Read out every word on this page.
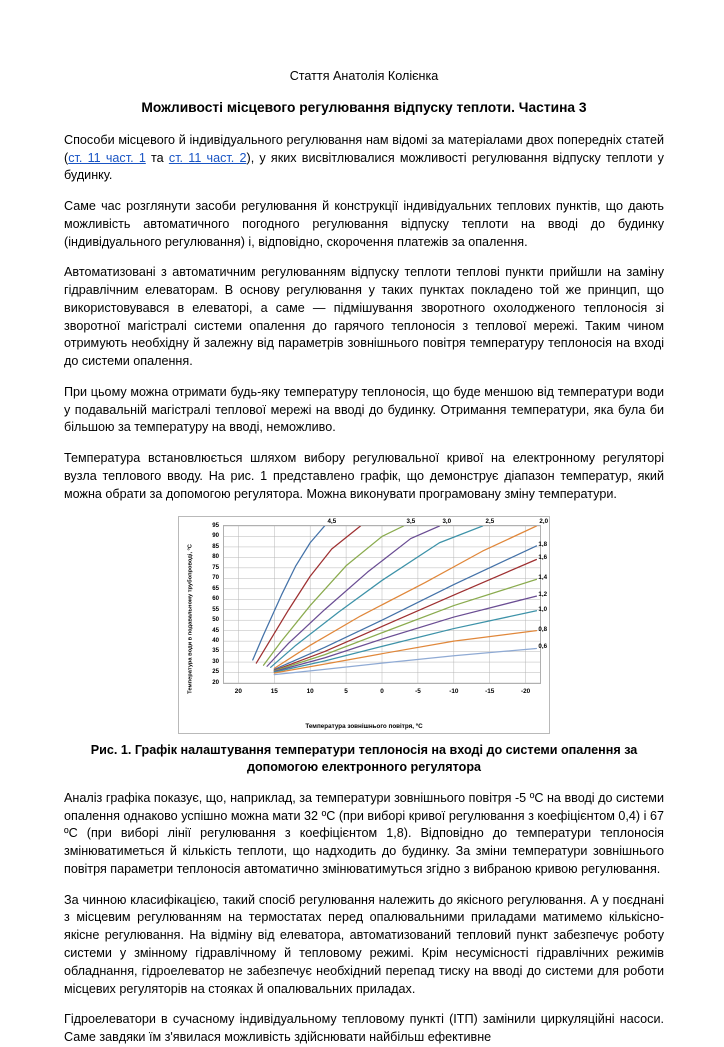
Стаття Анатолія Колієнка
Можливості місцевого регулювання відпуску теплоти. Частина 3

Способи місцевого й індивідуального регулювання нам відомі за матеріалами двох попередніх статей (ст. 11 част. 1 та ст. 11 част. 2), у яких висвітлювалися можливості регулювання відпуску теплоти у будинку.

Саме час розглянути засоби регулювання й конструкції індивідуальних теплових пунктів, що дають можливість автоматичного погодного регулювання відпуску теплоти на вводі до будинку (індивідуального регулювання) і, відповідно, скорочення платежів за опалення.

Автоматизовані з автоматичним регулюванням відпуску теплоти теплові пункти прийшли на заміну гідравлічним елеваторам. В основу регулювання у таких пунктах покладено той же принцип, що використовувався в елеваторі, а саме — підмішування зворотного охолодженого теплоносія зі зворотної магістралі системи опалення до гарячого теплоносія з теплової мережі. Таким чином отримують необхідну й залежну від параметрів зовнішнього повітря температуру теплоносія на вході до системи опалення.

При цьому можна отримати будь-яку температуру теплоносія, що буде меншою від температури води у подавальній магістралі теплової мережі на вводі до будинку. Отримання температури, яка була би більшою за температуру на вводі, неможливо.

Температура встановлюється шляхом вибору регулювальної кривої на електронному регуляторі вузла теплового вводу. На рис. 1 представлено графік, що демонструє діапазон температур, який можна обрати за допомогою регулятора. Можна виконувати програмовану зміну температури.

Температура води в подавальному трубопроводі, ºC	20
25
30
35
40
45
50
55
60
65
70
75
80
85
90
95
20	15	10	5	0	-5	-10	-15	-20
Температура зовнішнього повітря, ºC
4,5	3,5	3,0	2,5	2,0
1,8
1,6
1,4
1,2
1,0
0,8
0,6
Рис. 1. Графік налаштування температури теплоносія на вході до системи опалення за допомогою електронного регулятора

Аналіз графіка показує, що, наприклад, за температури зовнішнього повітря -5 ºC на вводі до системи опалення однаково успішно можна мати 32 ºC (при виборі кривої регулювання з коефіцієнтом 0,4) і 67 ºC (при виборі лінії регулювання з коефіцієнтом 1,8). Відповідно до температури теплоносія змінюватиметься й кількість теплоти, що надходить до будинку. За зміни температури зовнішнього повітря параметри теплоносія автоматично змінюватимуться згідно з вибраною кривою регулювання.

За чинною класифікацією, такий спосіб регулювання належить до якісного регулювання. А у поєднані з місцевим регулюванням на термостатах перед опалювальними приладами матимемо кількісно-якісне регулювання. На відміну від елеватора, автоматизований тепловий пункт забезпечує роботу системи у змінному гідравлічному й тепловому режимі. Крім несумісності гідравлічних режимів обладнання, гідроелеватор не забезпечує необхідний перепад тиску на вводі до системи для роботи місцевих регуляторів на стояках й опалювальних приладах.

Гідроелеватори в сучасному індивідуальному тепловому пункті (ІТП) замінили циркуляційні насоси. Саме завдяки їм з'явилася можливість здійснювати найбільш ефективне
